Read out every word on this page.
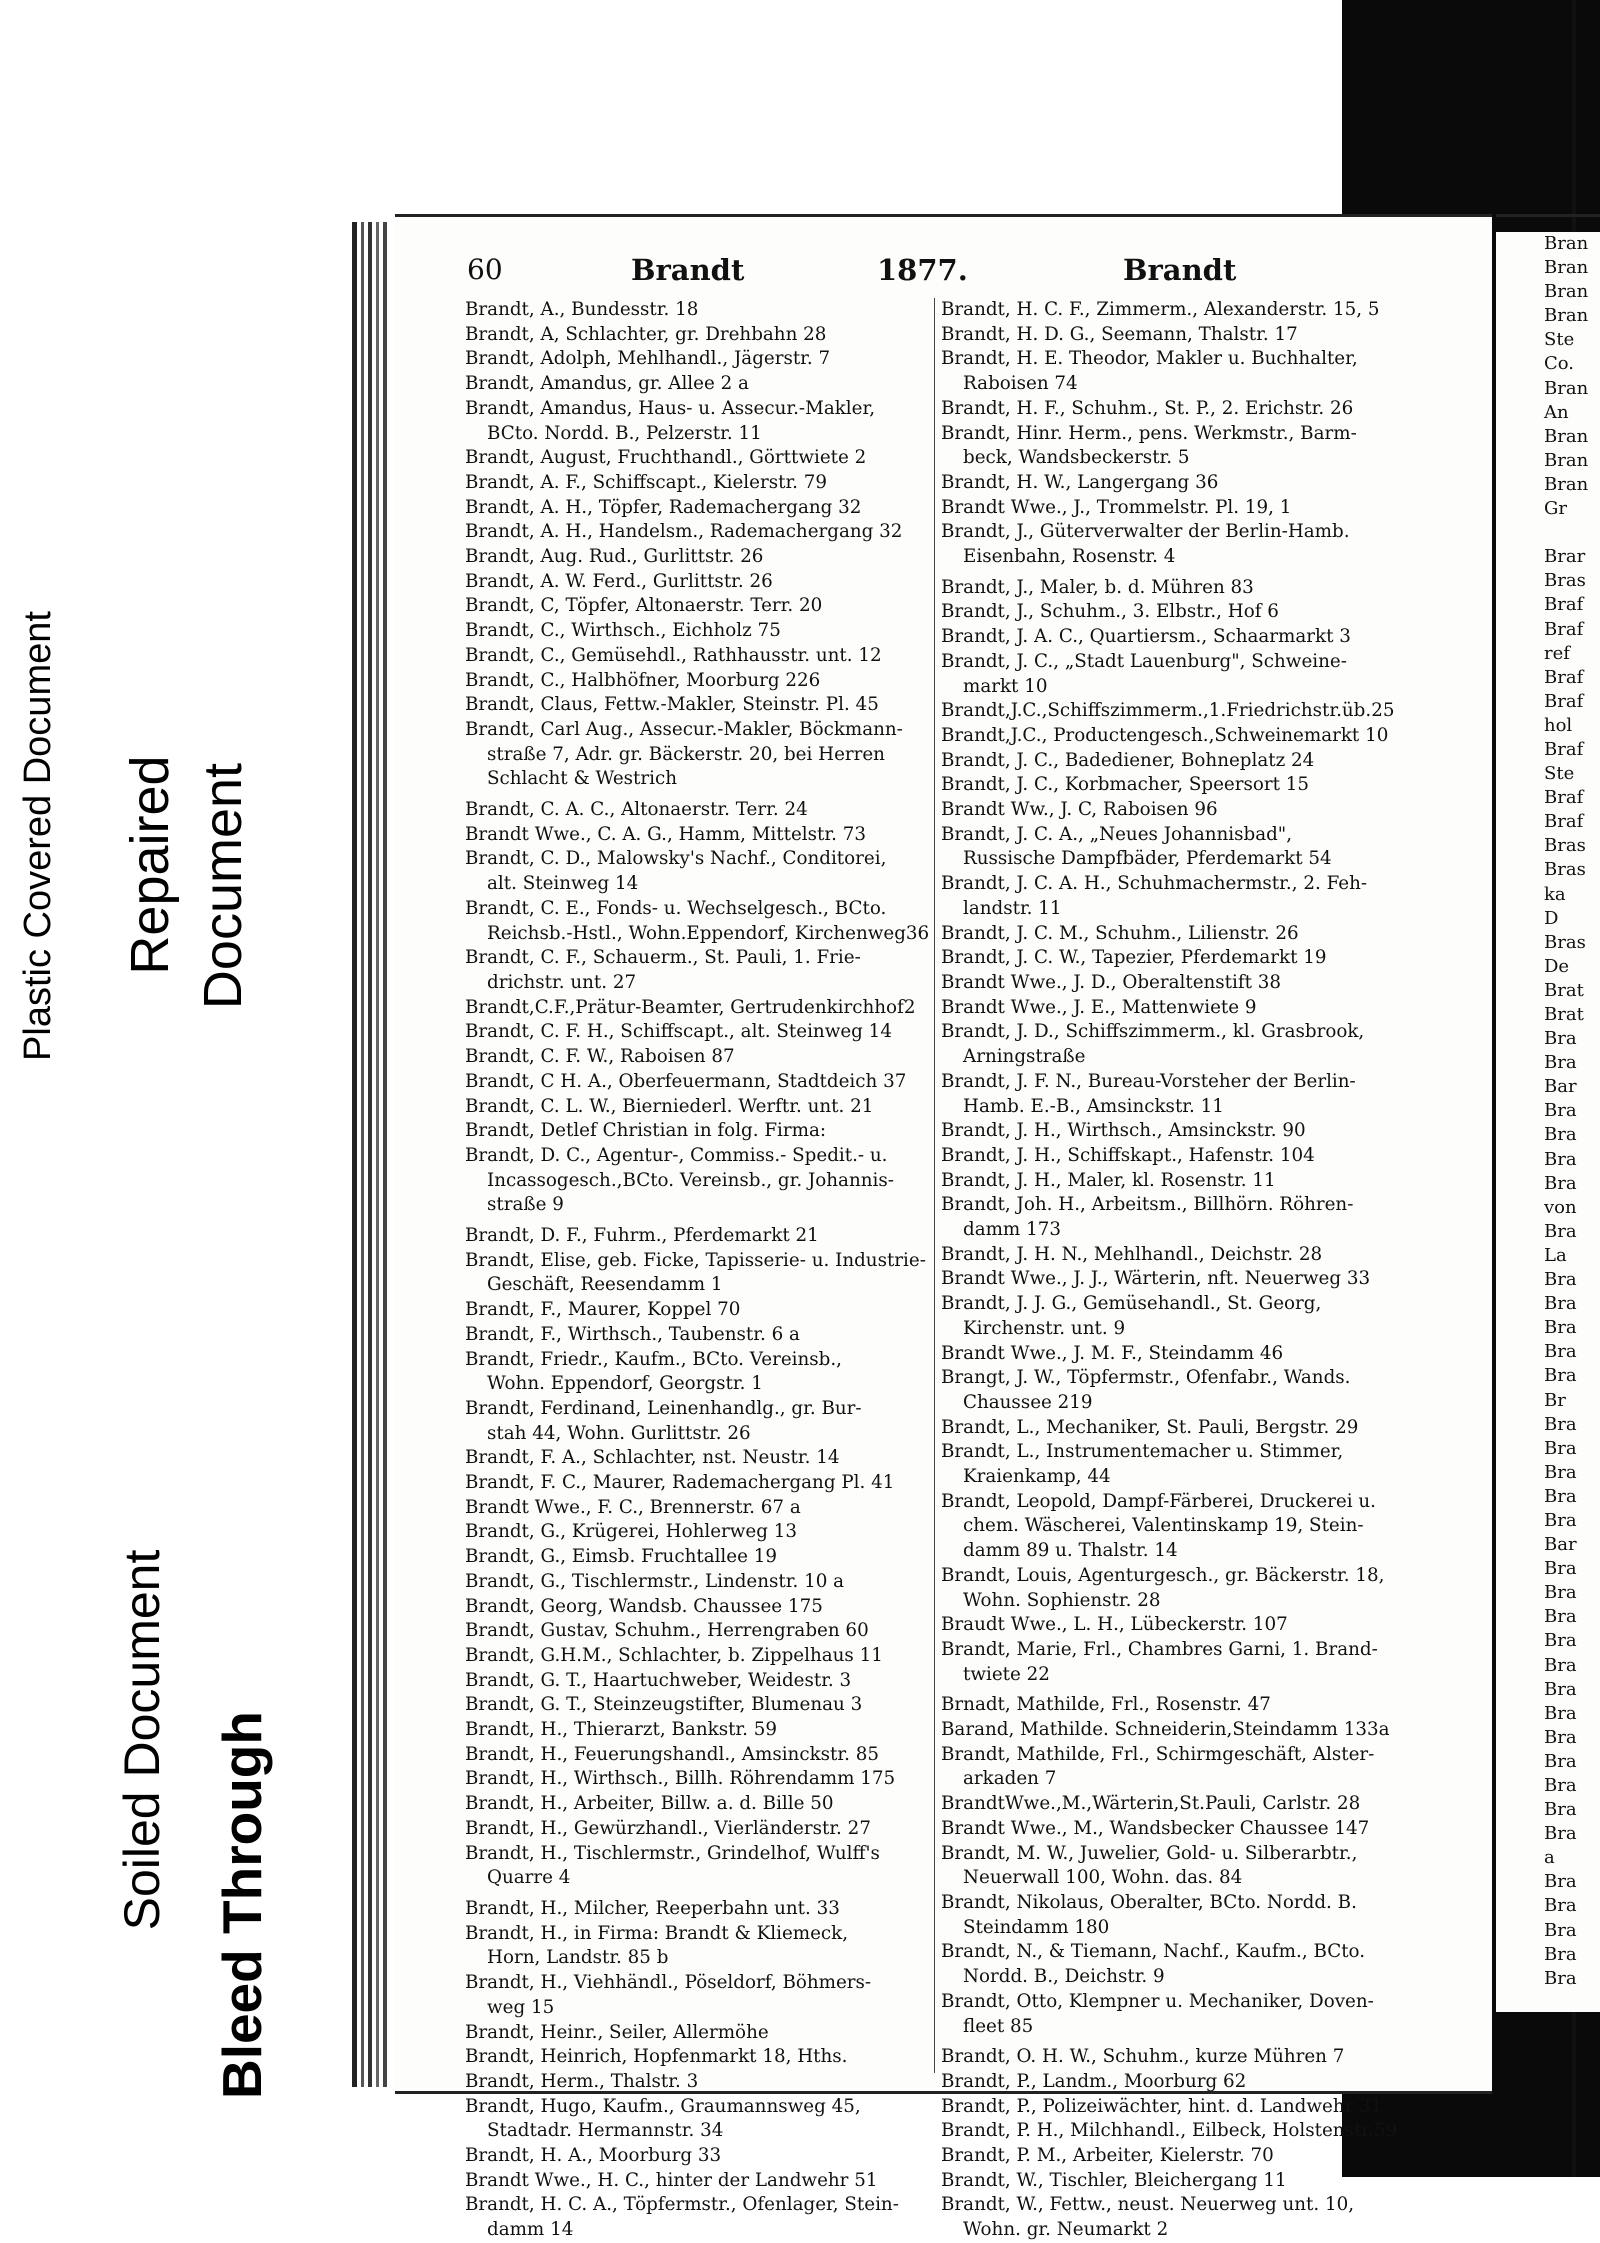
Plastic Covered Document Repaired Document
Soiled Document Bleed Through
60	Brandt	1877.	Brandt
Brandt, A., Bundesstr. 18
Brandt, A, Schlachter, gr. Drehbahn 28
Brandt, Adolph, Mehlhandl., Jägerstr. 7
Brandt, Amandus, gr. Allee 2 a
Brandt, Amandus, Haus- u. Assecur.-Makler,
BCto. Nordd. B., Pelzerstr. 11
Brandt, August, Fruchthandl., Görttwiete 2
Brandt, A. F., Schiffscapt., Kielerstr. 79
Brandt, A. H., Töpfer, Rademachergang 32
Brandt, A. H., Handelsm., Rademachergang 32
Brandt, Aug. Rud., Gurlittstr. 26
Brandt, A. W. Ferd., Gurlittstr. 26
Brandt, C, Töpfer, Altonaerstr. Terr. 20
Brandt, C., Wirthsch., Eichholz 75
Brandt, C., Gemüsehdl., Rathhausstr. unt. 12
Brandt, C., Halbhöfner, Moorburg 226
Brandt, Claus, Fettw.-Makler, Steinstr. Pl. 45
Brandt, Carl Aug., Assecur.-Makler, Böckmann-
straße 7, Adr. gr. Bäckerstr. 20, bei Herren
Schlacht & Westrich
Brandt, C. A. C., Altonaerstr. Terr. 24
Brandt Wwe., C. A. G., Hamm, Mittelstr. 73
Brandt, C. D., Malowsky's Nachf., Conditorei,
alt. Steinweg 14
Brandt, C. E., Fonds- u. Wechselgesch., BCto.
Reichsb.-Hstl., Wohn.Eppendorf, Kirchenweg36
Brandt, C. F., Schauerm., St. Pauli, 1. Frie-
drichstr. unt. 27
Brandt,C.F.,Prätur-Beamter, Gertrudenkirchhof2
Brandt, C. F. H., Schiffscapt., alt. Steinweg 14
Brandt, C. F. W., Raboisen 87
Brandt, C H. A., Oberfeuermann, Stadtdeich 37
Brandt, C. L. W., Bierniederl. Werftr. unt. 21
Brandt, Detlef Christian in folg. Firma:
Brandt, D. C., Agentur-, Commiss.- Spedit.- u.
Incassogesch.,BCto. Vereinsb., gr. Johannis-
straße 9
Brandt, D. F., Fuhrm., Pferdemarkt 21
Brandt, Elise, geb. Ficke, Tapisserie- u. Industrie-
Geschäft, Reesendamm 1
Brandt, F., Maurer, Koppel 70
Brandt, F., Wirthsch., Taubenstr. 6 a
Brandt, Friedr., Kaufm., BCto. Vereinsb.,
Wohn. Eppendorf, Georgstr. 1
Brandt, Ferdinand, Leinenhandlg., gr. Bur-
stah 44, Wohn. Gurlittstr. 26
Brandt, F. A., Schlachter, nst. Neustr. 14
Brandt, F. C., Maurer, Rademachergang Pl. 41
Brandt Wwe., F. C., Brennerstr. 67 a
Brandt, G., Krügerei, Hohlerweg 13
Brandt, G., Eimsb. Fruchtallee 19
Brandt, G., Tischlermstr., Lindenstr. 10 a
Brandt, Georg, Wandsb. Chaussee 175
Brandt, Gustav, Schuhm., Herrengraben 60
Brandt, G.H.M., Schlachter, b. Zippelhaus 11
Brandt, G. T., Haartuchweber, Weidestr. 3
Brandt, G. T., Steinzeugstifter, Blumenau 3
Brandt, H., Thierarzt, Bankstr. 59
Brandt, H., Feuerungshandl., Amsinckstr. 85
Brandt, H., Wirthsch., Billh. Röhrendamm 175
Brandt, H., Arbeiter, Billw. a. d. Bille 50
Brandt, H., Gewürzhandl., Vierländerstr. 27
Brandt, H., Tischlermstr., Grindelhof, Wulff's
Quarre 4
Brandt, H., Milcher, Reeperbahn unt. 33
Brandt, H., in Firma: Brandt & Kliemeck,
Horn, Landstr. 85 b
Brandt, H., Viehhändl., Pöseldorf, Böhmers-
weg 15
Brandt, Heinr., Seiler, Allermöhe
Brandt, Heinrich, Hopfenmarkt 18, Hths.
Brandt, Herm., Thalstr. 3
Brandt, Hugo, Kaufm., Graumannsweg 45,
Stadtadr. Hermannstr. 34
Brandt, H. A., Moorburg 33
Brandt Wwe., H. C., hinter der Landwehr 51
Brandt, H. C. A., Töpfermstr., Ofenlager, Stein-
damm 14
Brandt, H. C. F., Zimmerm., Alexanderstr. 15, 5
Brandt, H. D. G., Seemann, Thalstr. 17
Brandt, H. E. Theodor, Makler u. Buchhalter,
Raboisen 74
Brandt, H. F., Schuhm., St. P., 2. Erichstr. 26
Brandt, Hinr. Herm., pens. Werkmstr., Barm-
beck, Wandsbeckerstr. 5
Brandt, H. W., Langergang 36
Brandt Wwe., J., Trommelstr. Pl. 19, 1
Brandt, J., Güterverwalter der Berlin-Hamb.
Eisenbahn, Rosenstr. 4
Brandt, J., Maler, b. d. Mühren 83
Brandt, J., Schuhm., 3. Elbstr., Hof 6
Brandt, J. A. C., Quartiersm., Schaarmarkt 3
Brandt, J. C., „Stadt Lauenburg", Schweine-
markt 10
Brandt,J.C.,Schiffszimmerm.,1.Friedrichstr.üb.25
Brandt,J.C., Productengesch.,Schweinemarkt 10
Brandt, J. C., Badediener, Bohneplatz 24
Brandt, J. C., Korbmacher, Speersort 15
Brandt Ww., J. C, Raboisen 96
Brandt, J. C. A., „Neues Johannisbad",
Russische Dampfbäder, Pferdemarkt 54
Brandt, J. C. A. H., Schuhmachermstr., 2. Feh-
landstr. 11
Brandt, J. C. M., Schuhm., Lilienstr. 26
Brandt, J. C. W., Tapezier, Pferdemarkt 19
Brandt Wwe., J. D., Oberaltenstift 38
Brandt Wwe., J. E., Mattenwiete 9
Brandt, J. D., Schiffszimmerm., kl. Grasbrook,
Arningstraße
Brandt, J. F. N., Bureau-Vorsteher der Berlin-
Hamb. E.-B., Amsinckstr. 11
Brandt, J. H., Wirthsch., Amsinckstr. 90
Brandt, J. H., Schiffskapt., Hafenstr. 104
Brandt, J. H., Maler, kl. Rosenstr. 11
Brandt, Joh. H., Arbeitsm., Billhörn. Röhren-
damm 173
Brandt, J. H. N., Mehlhandl., Deichstr. 28
Brandt Wwe., J. J., Wärterin, nft. Neuerweg 33
Brandt, J. J. G., Gemüsehandl., St. Georg,
Kirchenstr. unt. 9
Brandt Wwe., J. M. F., Steindamm 46
Brangt, J. W., Töpfermstr., Ofenfabr., Wands.
Chaussee 219
Brandt, L., Mechaniker, St. Pauli, Bergstr. 29
Brandt, L., Instrumentemacher u. Stimmer,
Kraienkamp, 44
Brandt, Leopold, Dampf-Färberei, Druckerei u.
chem. Wäscherei, Valentinskamp 19, Stein-
damm 89 u. Thalstr. 14
Brandt, Louis, Agenturgesch., gr. Bäckerstr. 18,
Wohn. Sophienstr. 28
Braudt Wwe., L. H., Lübeckerstr. 107
Brandt, Marie, Frl., Chambres Garni, 1. Brand-
twiete 22
Brnadt, Mathilde, Frl., Rosenstr. 47
Barand, Mathilde. Schneiderin,Steindamm 133a
Brandt, Mathilde, Frl., Schirmgeschäft, Alster-
arkaden 7
BrandtWwe.,M.,Wärterin,St.Pauli, Carlstr. 28
Brandt Wwe., M., Wandsbecker Chaussee 147
Brandt, M. W., Juwelier, Gold- u. Silberarbtr.,
Neuerwall 100, Wohn. das. 84
Brandt, Nikolaus, Oberalter, BCto. Nordd. B.
Steindamm 180
Brandt, N., & Tiemann, Nachf., Kaufm., BCto.
Nordd. B., Deichstr. 9
Brandt, Otto, Klempner u. Mechaniker, Doven-
fleet 85
Brandt, O. H. W., Schuhm., kurze Mühren 7
Brandt, P., Landm., Moorburg 62
Brandt, P., Polizeiwächter, hint. d. Landwehr 31
Brandt, P. H., Milchhandl., Eilbeck, Holstenstr.59
Brandt, P. M., Arbeiter, Kielerstr. 70
Brandt, W., Tischler, Bleichergang 11
Brandt, W., Fettw., neust. Neuerweg unt. 10,
Wohn. gr. Neumarkt 2
Bran
Bran
Bran
Bran
Ste
Co.
Bran
An
Bran
Bran
Bran
Gr

Brar
Bras
Braf
Braf
ref
Braf
Braf
hol
Braf
Ste
Braf
Braf
Bras
Bras
ka
D
Bras
De
Brat
Brat
Bra
Bra
Bar
Bra
Bra
Bra
Bra
von
Bra
La
Bra
Bra
Bra
Bra
Bra
Br
Bra
Bra
Bra
Bra
Bra
Bar
Bra
Bra
Bra
Bra
Bra
Bra
Bra
Bra
Bra
Bra
Bra
Bra
a
Bra
Bra
Bra
Bra
Bra
